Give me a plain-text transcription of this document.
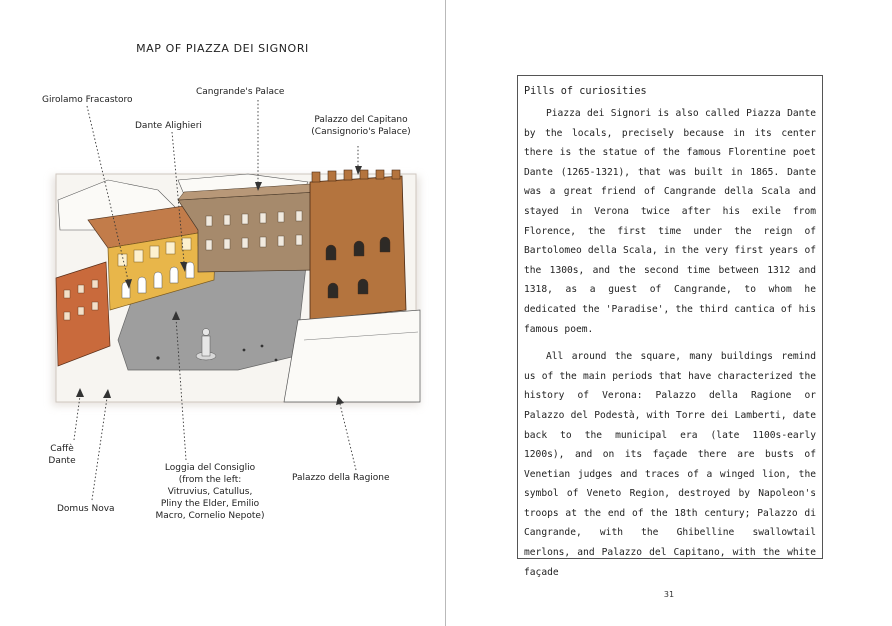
MAP OF PIAZZA DEI SIGNORI
Girolamo Fracastoro
Cangrande's Palace
Dante Alighieri
Palazzo del Capitano
(Cansignorio's Palace)
Caffè
Dante
Domus Nova
Loggia del Consiglio
(from the left:
Vitruvius, Catullus,
Pliny the Elder, Emilio
Macro, Cornelio Nepote)
Palazzo della Ragione
Pills of curiosities

Piazza dei Signori is also called Piazza Dante by the locals, precisely because in its center there is the statue of the famous Florentine poet Dante (1265-1321), that was built in 1865. Dante was a great friend of Cangrande della Scala and stayed in Verona twice after his exile from Florence, the first time under the reign of Bartolomeo della Scala, in the very first years of the 1300s, and the second time between 1312 and 1318, as a guest of Cangrande, to whom he dedicated the 'Paradise', the third cantica of his famous poem.

All around the square, many buildings remind us of the main periods that have characterized the history of Verona: Palazzo della Ragione or Palazzo del Podestà, with Torre dei Lamberti, date back to the municipal era (late 1100s-early 1200s), and on its façade there are busts of Venetian judges and traces of a winged lion, the symbol of Veneto Region, destroyed by Napoleon's troops at the end of the 18th century; Palazzo di Cangrande, with the Ghibelline swallowtail merlons, and Palazzo del Capitano, with the white façade

31
